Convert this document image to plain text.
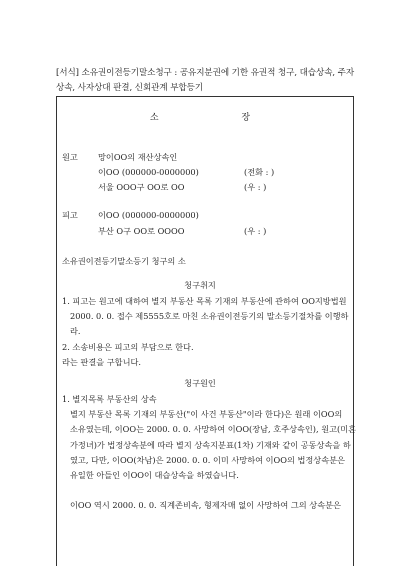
[서식] 소유권이전등기말소청구 : 공유지분권에 기한 유권적 청구, 대습상속, 주자
상속, 사자상대 판결, 신회관계 부합등기
소 장
원고 망이OO의 재산상속인
이OO (000000-0000000)	(전화 : )
서울 OOO구 OO로 OO	(우 : )
피고 이OO (000000-0000000)
부산 O구 OO로 OOOO	(우 : )
소유권이전등기말소등기 청구의 소
청구취지
1. 피고는 원고에 대하여 별지 부동산 목록 기재의 부동산에 관하여 OO지방법원
2000. 0. 0. 접수 제5555호로 마친 소유권이전등기의 말소등기절차를 이행하
라.
2. 소송비용은 피고의 부담으로 한다.
라는 판결을 구합니다.
청구원인
1. 별지목록 부동산의 상속
별지 부동산 목록 기재의 부동산("이 사건 부동산"이라 한다)은 원래 이OO의
소유였는데, 이OO는 2000. 0. 0. 사망하여 이OO(장남, 호주상속인), 원고(미혼
가정녀)가 법정상속분에 따라 별지 상속지분표(1차) 기재와 같이 공동상속을 하
였고, 다만, 이OO(차남)은 2000. 0. 0. 이미 사망하여 이OO의 법정상속분은
유일한 아들인 이OO이 대습상속을 하였습니다.
이OO 역시 2000. 0. 0. 직계존비속, 형제자매 없이 사망하여 그의 상속분은
